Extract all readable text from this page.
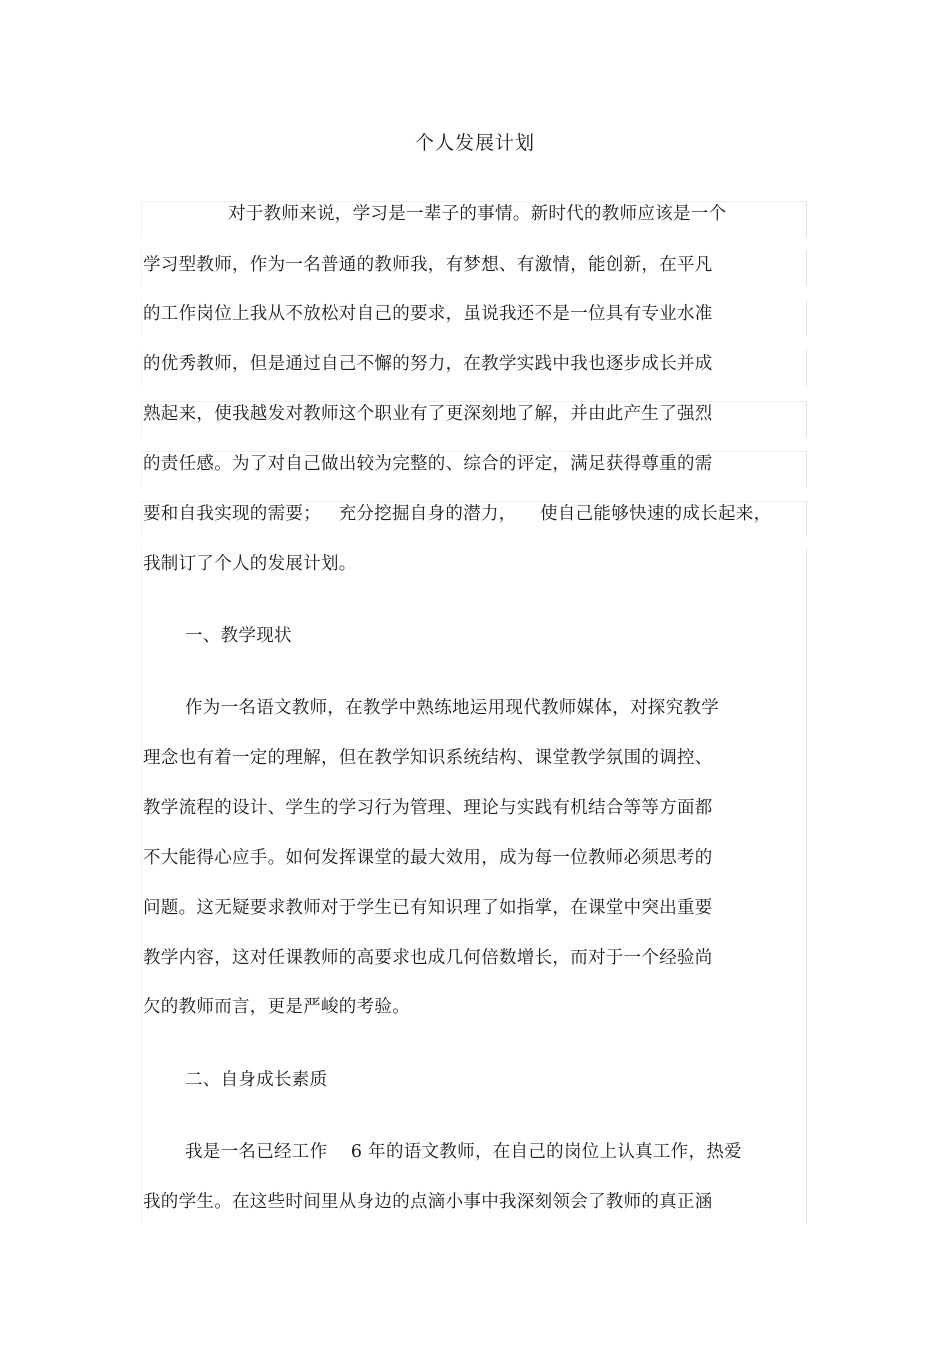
个人发展计划
对于教师来说，学习是一辈子的事情。新时代的教师应该是一个
学习型教师，作为一名普通的教师我，有梦想、有激情，能创新，在平凡
的工作岗位上我从不放松对自己的要求，虽说我还不是一位具有专业水准
的优秀教师，但是通过自己不懈的努力，在教学实践中我也逐步成长并成
熟起来，使我越发对教师这个职业有了更深刻地了解，并由此产生了强烈
的责任感。为了对自己做出较为完整的、综合的评定，满足获得尊重的需
要和自我实现的需要；   充分挖掘自身的潜力，    使自己能够快速的成长起来，
我制订了个人的发展计划。
一、教学现状
作为一名语文教师，在教学中熟练地运用现代教师媒体，对探究教学
理念也有着一定的理解，但在教学知识系统结构、课堂教学氛围的调控、
教学流程的设计、学生的学习行为管理、理论与实践有机结合等等方面都
不大能得心应手。如何发挥课堂的最大效用，成为每一位教师必须思考的
问题。这无疑要求教师对于学生已有知识理了如指掌，在课堂中突出重要
教学内容，这对任课教师的高要求也成几何倍数增长，而对于一个经验尚
欠的教师而言，更是严峻的考验。
二、自身成长素质
我是一名已经工作    6 年的语文教师，在自己的岗位上认真工作，热爱
我的学生。在这些时间里从身边的点滴小事中我深刻领会了教师的真正涵
